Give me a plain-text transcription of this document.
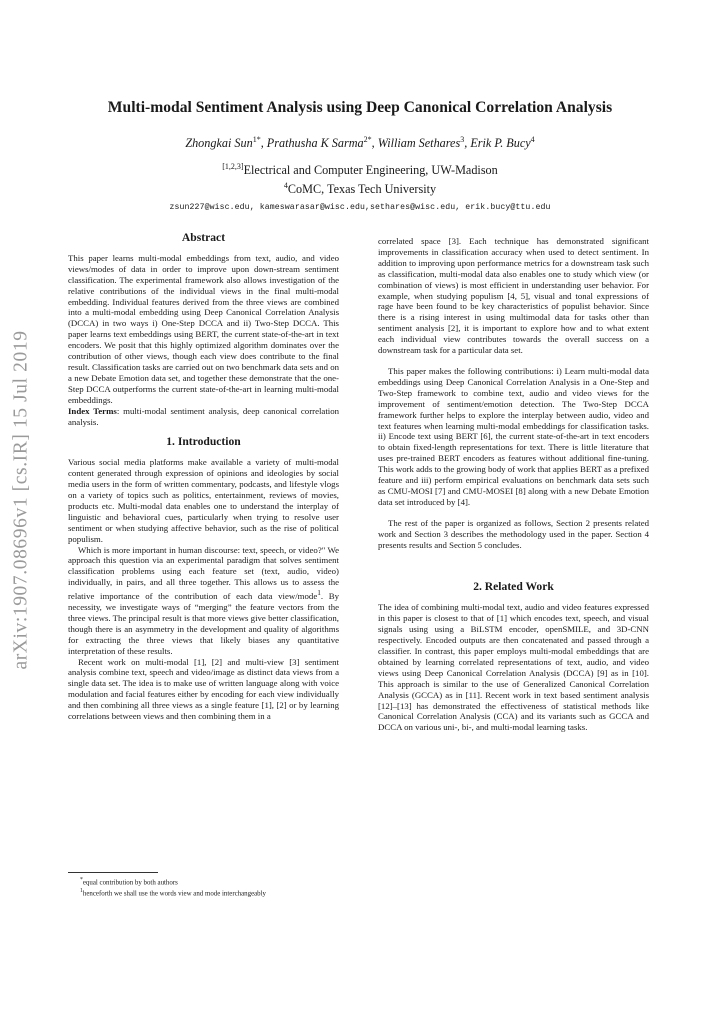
arXiv:1907.08696v1 [cs.IR] 15 Jul 2019
Multi-modal Sentiment Analysis using Deep Canonical Correlation Analysis
Zhongkai Sun$^{1*}$, Prathusha K Sarma$^{2*}$, William Sethares$^3$, Erik P. Bucy$^4$
[1,2,3]Electrical and Computer Engineering, UW-Madison
$^4$CoMC, Texas Tech University
zsun227@wisc.edu, kameswarasar@wisc.edu,sethares@wisc.edu, erik.bucy@ttu.edu
Abstract

This paper learns multi-modal embeddings from text, audio, and video views/modes of data in order to improve upon down-stream sentiment classification. The experimental framework also allows investigation of the relative contributions of the individual views in the final multi-modal embedding. Individual features derived from the three views are combined into a multi-modal embedding using Deep Canonical Correlation Analysis (DCCA) in two ways i) One-Step DCCA and ii) Two-Step DCCA. This paper learns text embeddings using BERT, the current state-of-the-art in text encoders. We posit that this highly optimized algorithm dominates over the contribution of other views, though each view does contribute to the final result. Classification tasks are carried out on two benchmark data sets and on a new Debate Emotion data set, and together these demonstrate that the one-Step DCCA outperforms the current state-of-the-art in learning multi-modal embeddings.

Index Terms: multi-modal sentiment analysis, deep canonical correlation analysis.

1. Introduction

Various social media platforms make available a variety of multi-modal content generated through expression of opinions and ideologies by social media users in the form of written commentary, podcasts, and lifestyle vlogs on a variety of topics such as politics, entertainment, reviews of movies, products etc. Multi-modal data enables one to understand the interplay of linguistic and behavioral cues, particularly when trying to resolve user sentiment or when studying affective behavior, such as the rise of political populism.

Which is more important in human discourse: text, speech, or video?" We approach this question via an experimental paradigm that solves sentiment classification problems using each feature set (text, audio, video) individually, in pairs, and all three together. This allows us to assess the relative importance of the contribution of each data view/mode$^1$. By necessity, we investigate ways of “merging” the feature vectors from the three views. The principal result is that more views give better classification, though there is an asymmetry in the development and quality of algorithms for extracting the three views that likely biases any quantitative interpretation of these results.

Recent work on multi-modal [1], [2] and multi-view [3] sentiment analysis combine text, speech and video/image as distinct data views from a single data set. The idea is to make use of written language along with voice modulation and facial features either by encoding for each view individually and then combining all three views as a single feature [1], [2] or by learning correlations between views and then combining them in a

correlated space [3]. Each technique has demonstrated significant improvements in classification accuracy when used to detect sentiment. In addition to improving upon performance metrics for a downstream task such as classification, multi-modal data also enables one to study which view (or combination of views) is most efficient in understanding user behavior. For example, when studying populism [4, 5], visual and tonal expressions of rage have been found to be key characteristics of populist behavior. Since there is a rising interest in using multimodal data for tasks other than sentiment analysis [2], it is important to explore how and to what extent each individual view contributes towards the overall success on a downstream task for a particular data set.

This paper makes the following contributions: i) Learn multi-modal data embeddings using Deep Canonical Correlation Analysis in a One-Step and Two-Step framework to combine text, audio and video views for the improvement of sentiment/emotion detection. The Two-Step DCCA framework further helps to explore the interplay between audio, video and text features when learning multi-modal embeddings for classification tasks. ii) Encode text using BERT [6], the current state-of-the-art in text encoders to obtain fixed-length representations for text. There is little literature that uses pre-trained BERT encoders as features without additional fine-tuning. This work adds to the growing body of work that applies BERT as a prefixed feature and iii) perform empirical evaluations on benchmark data sets such as CMU-MOSI [7] and CMU-MOSEI [8] along with a new Debate Emotion data set introduced by [4].

The rest of the paper is organized as follows, Section 2 presents related work and Section 3 describes the methodology used in the paper. Section 4 presents results and Section 5 concludes.

2. Related Work

The idea of combining multi-modal text, audio and video features expressed in this paper is closest to that of [1] which encodes text, speech, and visual signals using using a BiLSTM encoder, openSMILE, and 3D-CNN respectively. Encoded outputs are then concatenated and passed through a classifier. In contrast, this paper employs multi-modal embeddings that are obtained by learning correlated representations of text, audio, and video views using Deep Canonical Correlation Analysis (DCCA) [9] as in [10]. This approach is similar to the use of Generalized Canonical Correlation Analysis (GCCA) as in [11]. Recent work in text based sentiment analysis [12]–[13] has demonstrated the effectiveness of statistical methods like Canonical Correlation Analysis (CCA) and its variants such as GCCA and DCCA on various uni-, bi-, and multi-modal learning tasks.

*equal contribution by both authors

$^1$henceforth we shall use the words view and mode interchangeably
